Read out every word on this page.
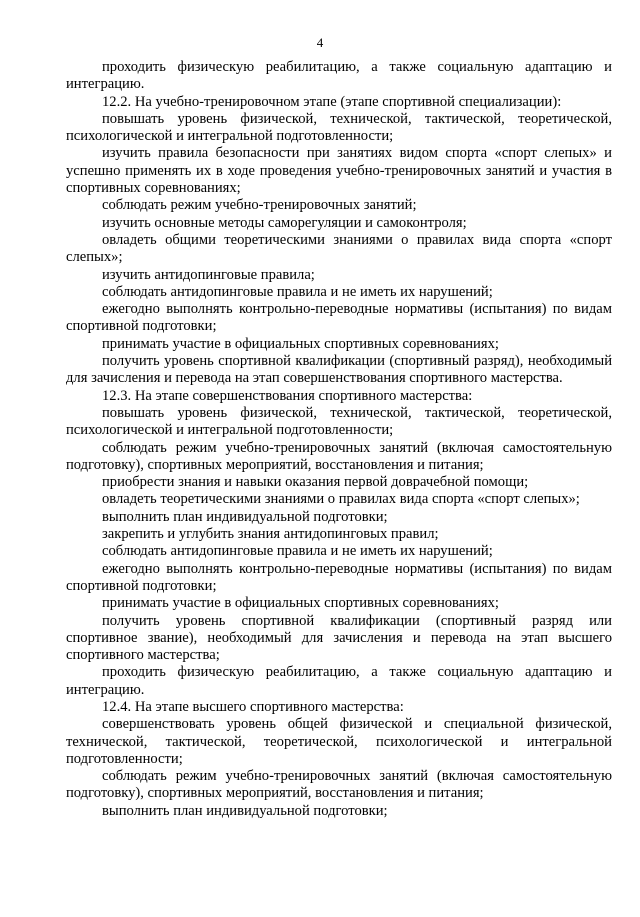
4

проходить физическую реабилитацию, а также социальную адаптацию и интеграцию.

12.2. На учебно-тренировочном этапе (этапе спортивной специализации):

повышать уровень физической, технической, тактической, теоретической, психологической и интегральной подготовленности;

изучить правила безопасности при занятиях видом спорта «спорт слепых» и успешно применять их в ходе проведения учебно-тренировочных занятий и участия в спортивных соревнованиях;

соблюдать режим учебно-тренировочных занятий;

изучить основные методы саморегуляции и самоконтроля;

овладеть общими теоретическими знаниями о правилах вида спорта «спорт слепых»;

изучить антидопинговые правила;

соблюдать антидопинговые правила и не иметь их нарушений;

ежегодно выполнять контрольно-переводные нормативы (испытания) по видам спортивной подготовки;

принимать участие в официальных спортивных соревнованиях;

получить уровень спортивной квалификации (спортивный разряд), необходимый для зачисления и перевода на этап совершенствования спортивного мастерства.

12.3. На этапе совершенствования спортивного мастерства:

повышать уровень физической, технической, тактической, теоретической, психологической и интегральной подготовленности;

соблюдать режим учебно-тренировочных занятий (включая самостоятельную подготовку), спортивных мероприятий, восстановления и питания;

приобрести знания и навыки оказания первой доврачебной помощи;

овладеть теоретическими знаниями о правилах вида спорта «спорт слепых»;

выполнить план индивидуальной подготовки;

закрепить и углубить знания антидопинговых правил;

соблюдать антидопинговые правила и не иметь их нарушений;

ежегодно выполнять контрольно-переводные нормативы (испытания) по видам спортивной подготовки;

принимать участие в официальных спортивных соревнованиях;

получить уровень спортивной квалификации (спортивный разряд или спортивное звание), необходимый для зачисления и перевода на этап высшего спортивного мастерства;

проходить физическую реабилитацию, а также социальную адаптацию и интеграцию.

12.4. На этапе высшего спортивного мастерства:

совершенствовать уровень общей физической и специальной физической, технической, тактической, теоретической, психологической и интегральной подготовленности;

соблюдать режим учебно-тренировочных занятий (включая самостоятельную подготовку), спортивных мероприятий, восстановления и питания;

выполнить план индивидуальной подготовки;
